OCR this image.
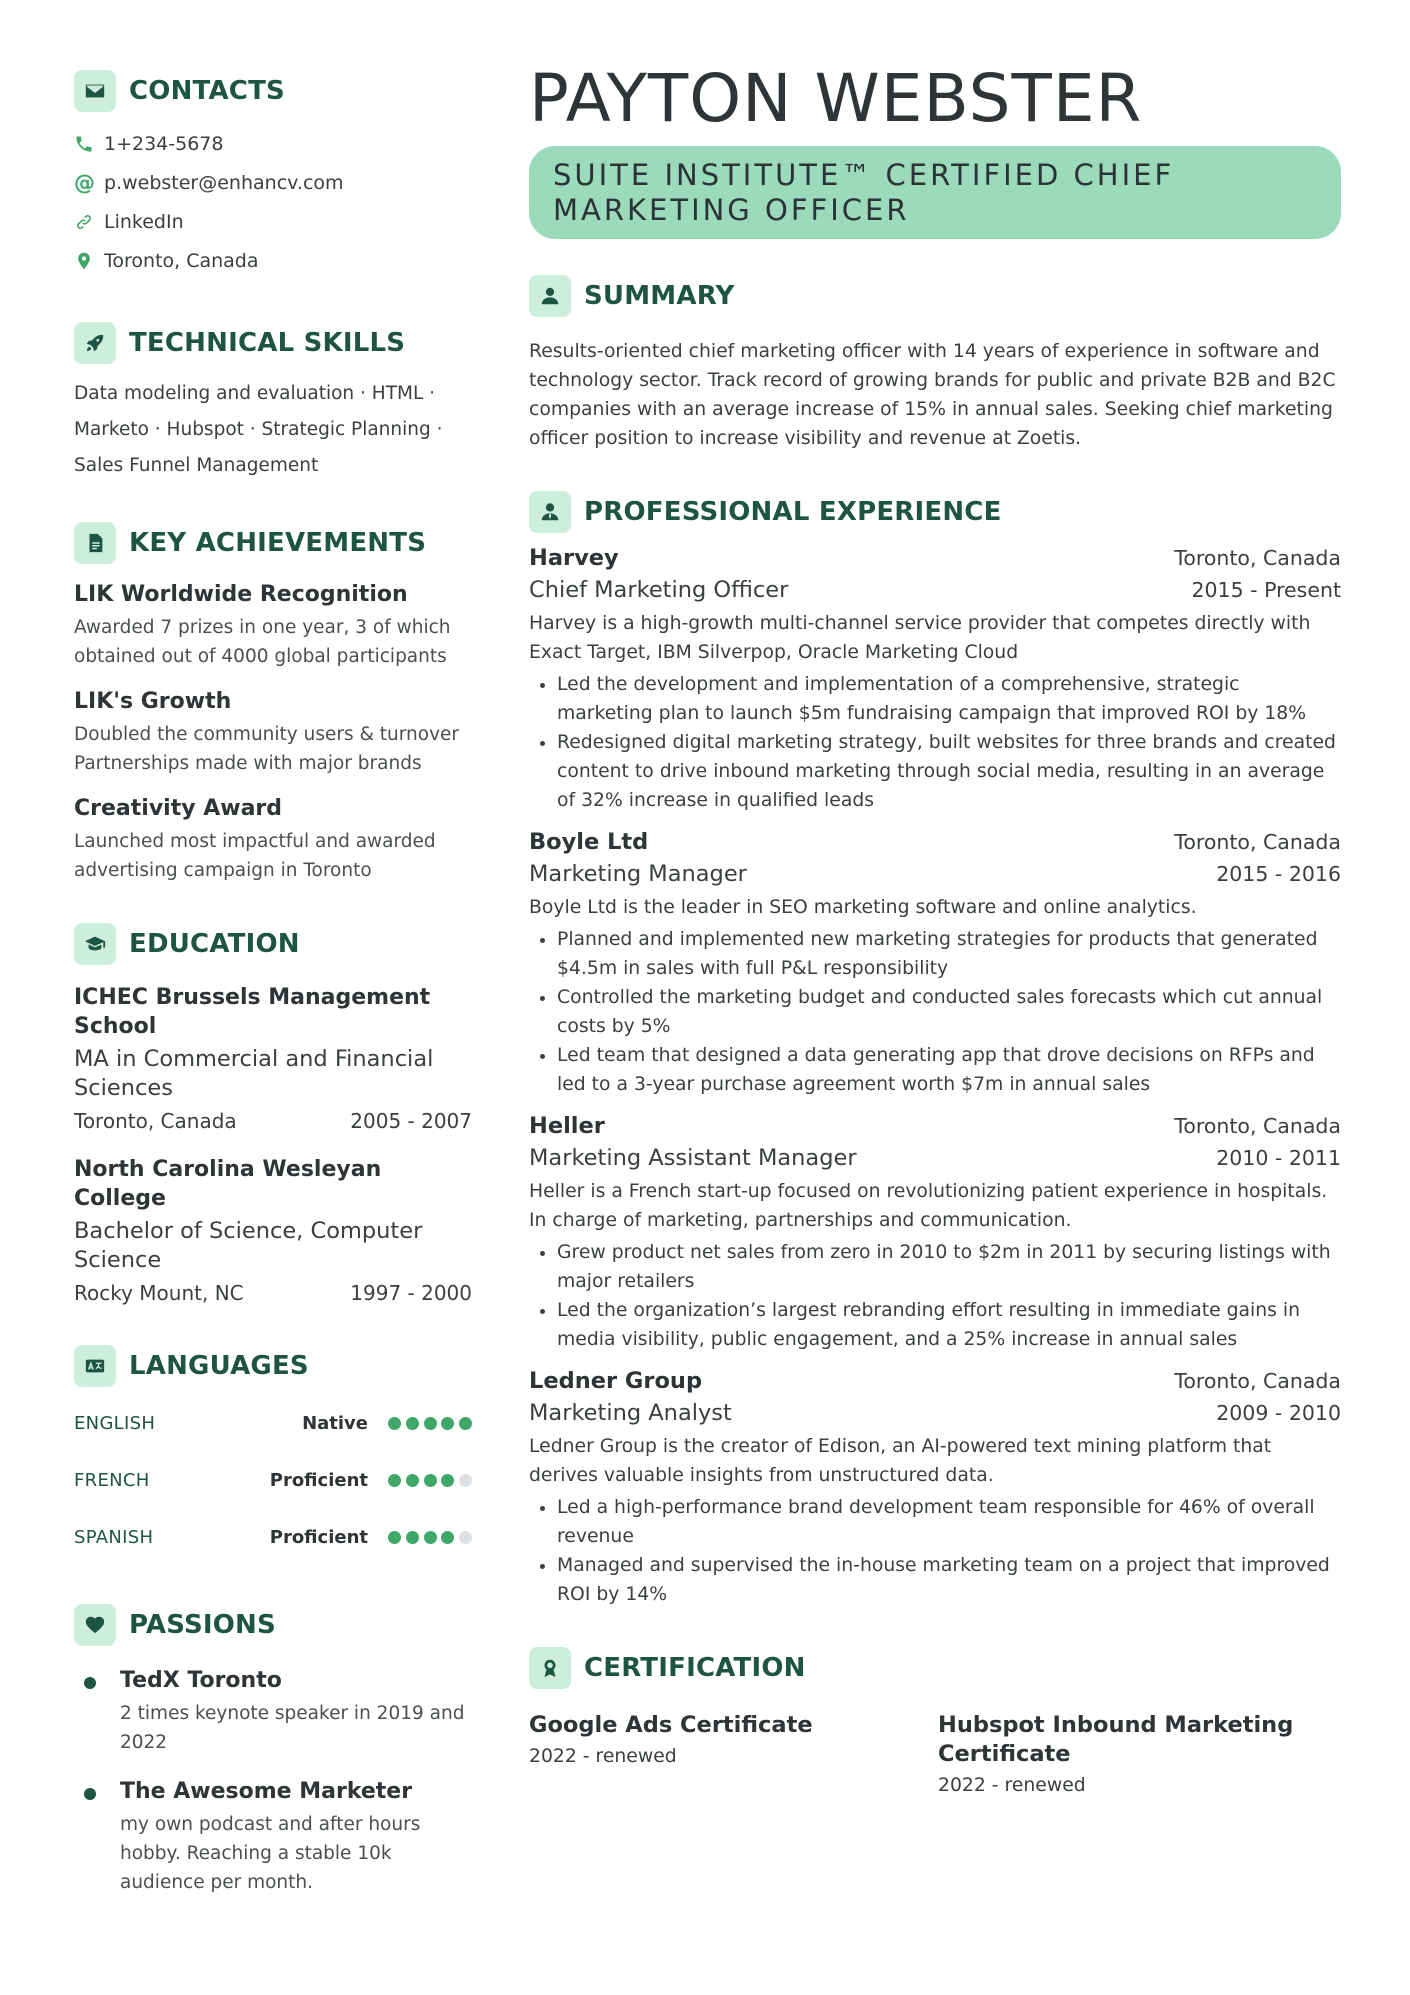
CONTACTS
1+234-5678
@ p.webster@enhancv.com
LinkedIn
Toronto, Canada
TECHNICAL SKILLS
Data modeling and evaluation · HTML · Marketo · Hubspot · Strategic Planning · Sales Funnel Management
KEY ACHIEVEMENTS
LIK Worldwide Recognition
Awarded 7 prizes in one year, 3 of which obtained out of 4000 global participants
LIK's Growth
Doubled the community users & turnover Partnerships made with major brands
Creativity Award
Launched most impactful and awarded advertising campaign in Toronto
EDUCATION
ICHEC Brussels Management School
MA in Commercial and Financial Sciences
Toronto, Canada	2005 - 2007
North Carolina Wesleyan College
Bachelor of Science, Computer Science
Rocky Mount, NC	1997 - 2000
LANGUAGES
ENGLISH	Native
FRENCH	Proficient
SPANISH	Proficient
PASSIONS
TedX Toronto
2 times keynote speaker in 2019 and 2022
The Awesome Marketer
my own podcast and after hours hobby. Reaching a stable 10k audience per month.
PAYTON WEBSTER
SUITE INSTITUTE™ CERTIFIED CHIEF MARKETING OFFICER
SUMMARY
Results-oriented chief marketing officer with 14 years of experience in software and technology sector. Track record of growing brands for public and private B2B and B2C companies with an average increase of 15% in annual sales. Seeking chief marketing officer position to increase visibility and revenue at Zoetis.
PROFESSIONAL EXPERIENCE
Harvey	Toronto, Canada
Chief Marketing Officer	2015 - Present
Harvey is a high-growth multi-channel service provider that competes directly with Exact Target, IBM Silverpop, Oracle Marketing Cloud
• Led the development and implementation of a comprehensive, strategic marketing plan to launch $5m fundraising campaign that improved ROI by 18%
• Redesigned digital marketing strategy, built websites for three brands and created content to drive inbound marketing through social media, resulting in an average of 32% increase in qualified leads
Boyle Ltd	Toronto, Canada
Marketing Manager	2015 - 2016
Boyle Ltd is the leader in SEO marketing software and online analytics.
• Planned and implemented new marketing strategies for products that generated $4.5m in sales with full P&L responsibility
• Controlled the marketing budget and conducted sales forecasts which cut annual costs by 5%
• Led team that designed a data generating app that drove decisions on RFPs and led to a 3-year purchase agreement worth $7m in annual sales
Heller	Toronto, Canada
Marketing Assistant Manager	2010 - 2011
Heller is a French start-up focused on revolutionizing patient experience in hospitals. In charge of marketing, partnerships and communication.
• Grew product net sales from zero in 2010 to $2m in 2011 by securing listings with major retailers
• Led the organization’s largest rebranding effort resulting in immediate gains in media visibility, public engagement, and a 25% increase in annual sales
Ledner Group	Toronto, Canada
Marketing Analyst	2009 - 2010
Ledner Group is the creator of Edison, an AI-powered text mining platform that derives valuable insights from unstructured data.
• Led a high-performance brand development team responsible for 46% of overall revenue
• Managed and supervised the in-house marketing team on a project that improved ROI by 14%
CERTIFICATION
Google Ads Certificate
2022 - renewed
Hubspot Inbound Marketing Certificate
2022 - renewed
